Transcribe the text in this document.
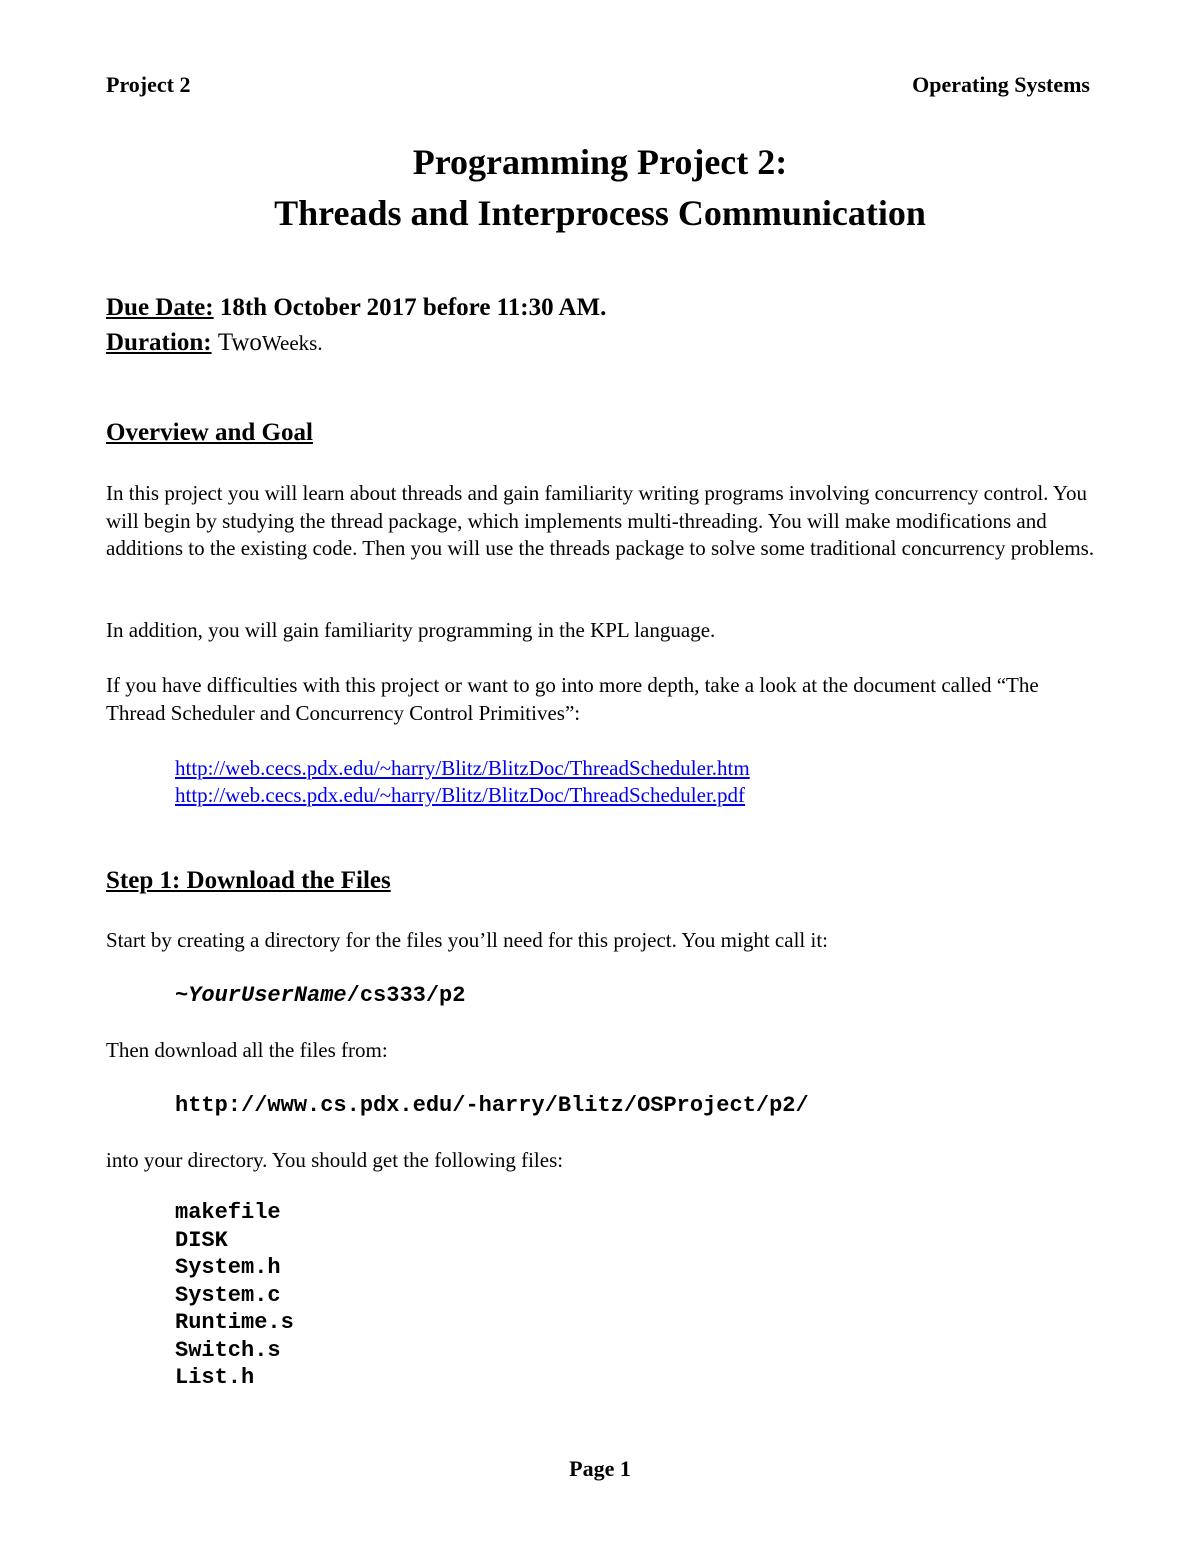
Project 2	Operating Systems
Programming Project 2:
Threads and Interprocess Communication
Due Date: 18th October 2017 before 11:30 AM.
Duration: TwoWeeks.
Overview and Goal

In this project you will learn about threads and gain familiarity writing programs involving concurrency control. You will begin by studying the thread package, which implements multi-threading. You will make modifications and additions to the existing code. Then you will use the threads package to solve some traditional concurrency problems.

In addition, you will gain familiarity programming in the KPL language.

If you have difficulties with this project or want to go into more depth, take a look at the document called “The Thread Scheduler and Concurrency Control Primitives”:

http://web.cecs.pdx.edu/~harry/Blitz/BlitzDoc/ThreadScheduler.htm
http://web.cecs.pdx.edu/~harry/Blitz/BlitzDoc/ThreadScheduler.pdf
Step 1: Download the Files

Start by creating a directory for the files you’ll need for this project. You might call it:

~YourUserName/cs333/p2

Then download all the files from:

http://www.cs.pdx.edu/-harry/Blitz/OSProject/p2/

into your directory. You should get the following files:

makefile
DISK
System.h
System.c
Runtime.s
Switch.s
List.h
Page 1
